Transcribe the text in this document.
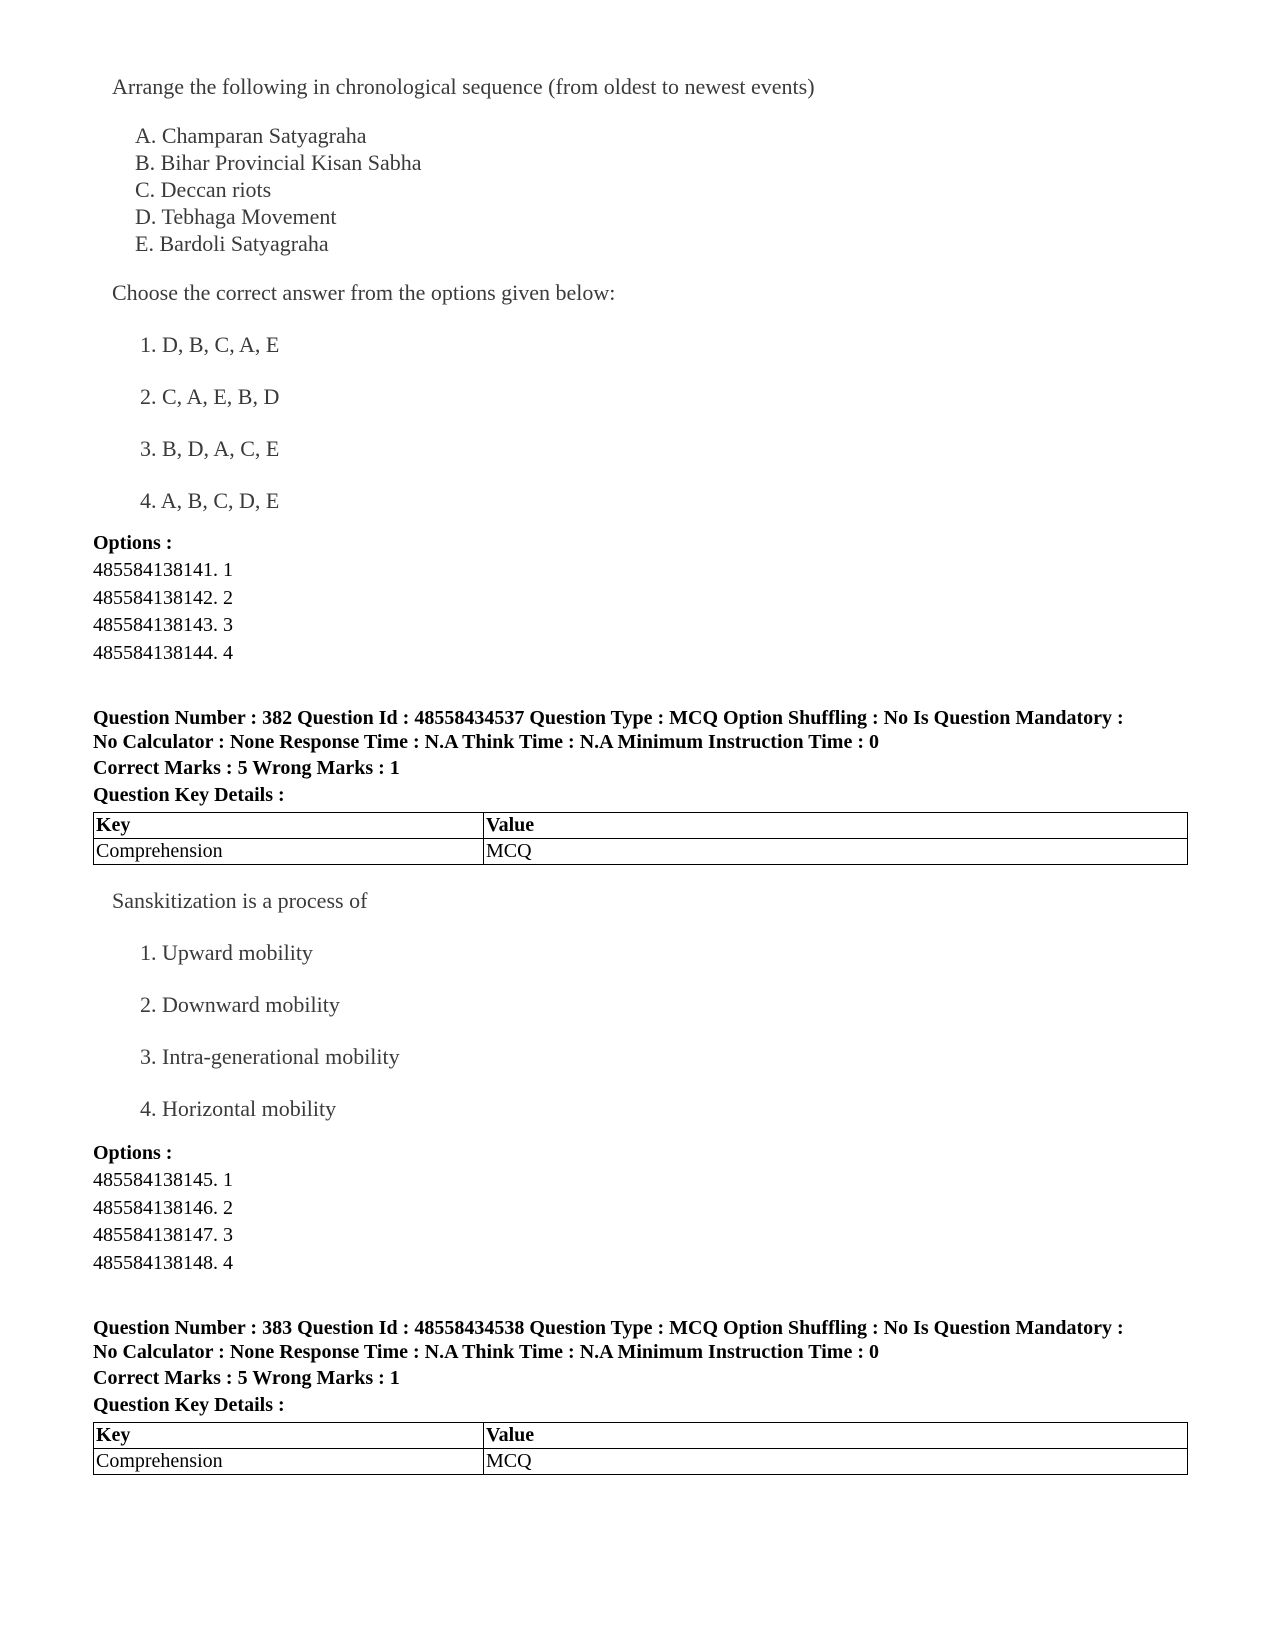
Arrange the following in chronological sequence (from oldest to newest events)
A. Champaran Satyagraha
B. Bihar Provincial Kisan Sabha
C. Deccan riots
D. Tebhaga Movement
E. Bardoli Satyagraha
Choose the correct answer from the options given below:
1. D, B, C, A, E
2. C, A, E, B, D
3. B, D, A, C, E
4. A, B, C, D, E
Options :
485584138141. 1
485584138142. 2
485584138143. 3
485584138144. 4
Question Number : 382 Question Id : 48558434537 Question Type : MCQ Option Shuffling : No Is Question Mandatory :
No Calculator : None Response Time : N.A Think Time : N.A Minimum Instruction Time : 0
Correct Marks : 5 Wrong Marks : 1
Question Key Details :
Key	Value
Comprehension	MCQ
Sanskitization is a process of
1. Upward mobility
2. Downward mobility
3. Intra-generational mobility
4. Horizontal mobility
Options :
485584138145. 1
485584138146. 2
485584138147. 3
485584138148. 4
Question Number : 383 Question Id : 48558434538 Question Type : MCQ Option Shuffling : No Is Question Mandatory :
No Calculator : None Response Time : N.A Think Time : N.A Minimum Instruction Time : 0
Correct Marks : 5 Wrong Marks : 1
Question Key Details :
Key	Value
Comprehension	MCQ
